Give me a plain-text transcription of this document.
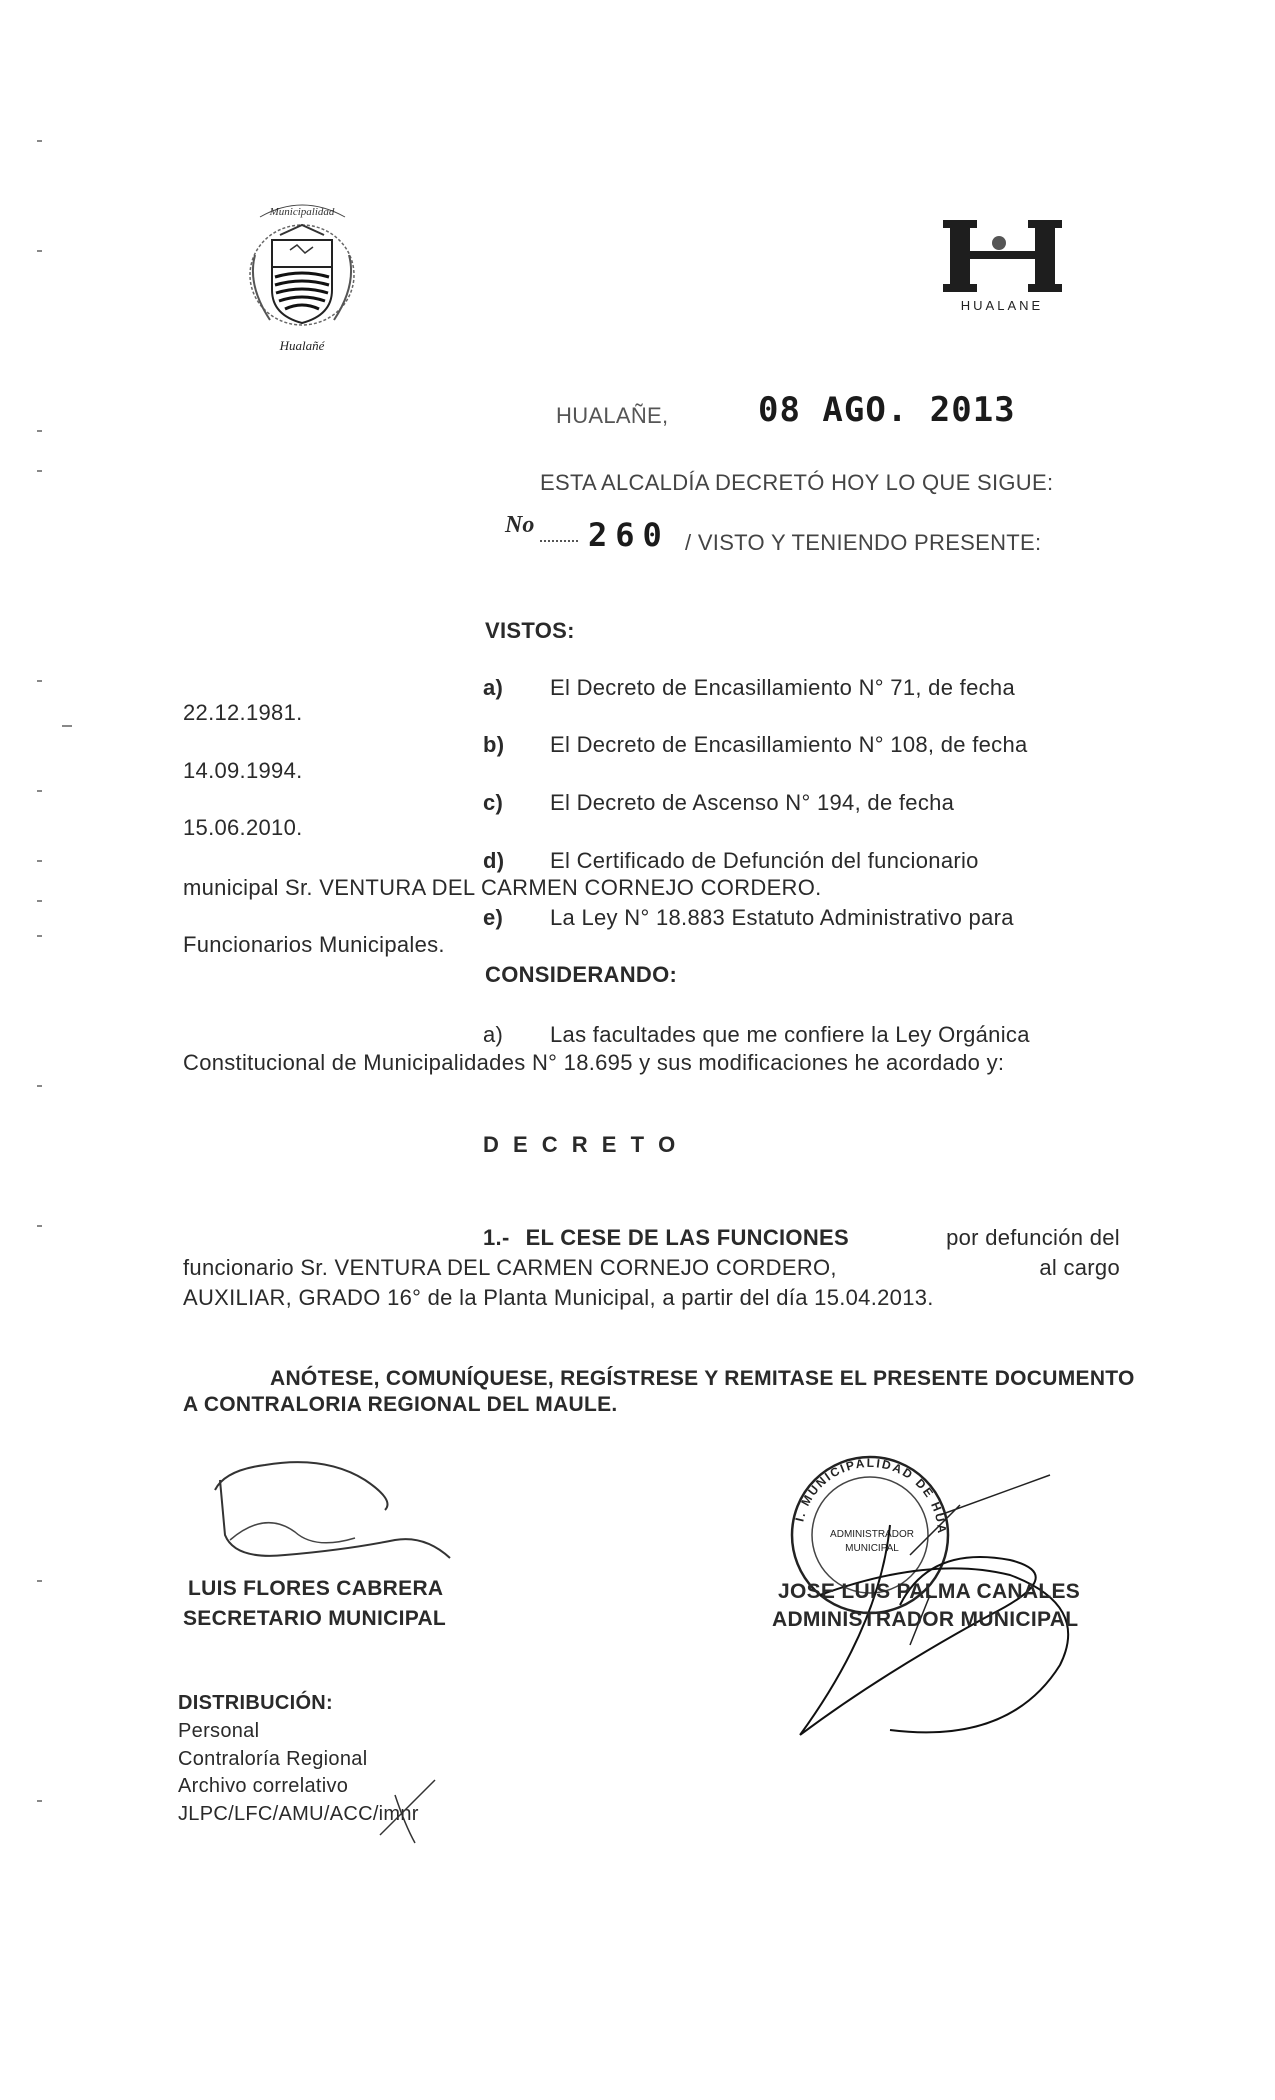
Municipalidad
Hualañé
HUALANE
HUALAÑE,	08 AGO. 2013
ESTA ALCALDÍA DECRETÓ HOY LO QUE SIGUE:
No 260 / VISTO Y TENIENDO PRESENTE:
VISTOS:
a) El Decreto de Encasillamiento N° 71, de fecha
22.12.1981.
b) El Decreto de Encasillamiento N° 108, de fecha
14.09.1994.
c) El Decreto de Ascenso N° 194, de fecha
15.06.2010.
d) El Certificado de Defunción del funcionario
municipal Sr. VENTURA DEL CARMEN CORNEJO CORDERO.
e) La Ley N° 18.883 Estatuto Administrativo para
Funcionarios Municipales.
CONSIDERANDO:
a) Las facultades que me confiere la Ley Orgánica
Constitucional de Municipalidades N° 18.695 y sus modificaciones he acordado y:
D E C R E T O
1.- EL CESE DE LAS FUNCIONES	por defunción del
funcionario Sr. VENTURA DEL CARMEN CORNEJO CORDERO,	al cargo
AUXILIAR, GRADO 16° de la Planta Municipal, a partir del día 15.04.2013.
ANÓTESE, COMUNÍQUESE, REGÍSTRESE Y REMITASE EL PRESENTE DOCUMENTO
A CONTRALORIA REGIONAL DEL MAULE.
LUIS FLORES CABRERA
SECRETARIO MUNICIPAL
I. MUNICIPALIDAD DE HUA
ADMINISTRADOR
MUNICIPAL
JOSE LUIS PALMA CANALES
ADMINISTRADOR MUNICIPAL
DISTRIBUCIÓN:
Personal
Contraloría Regional
Archivo correlativo
JLPC/LFC/AMU/ACC/imnr
